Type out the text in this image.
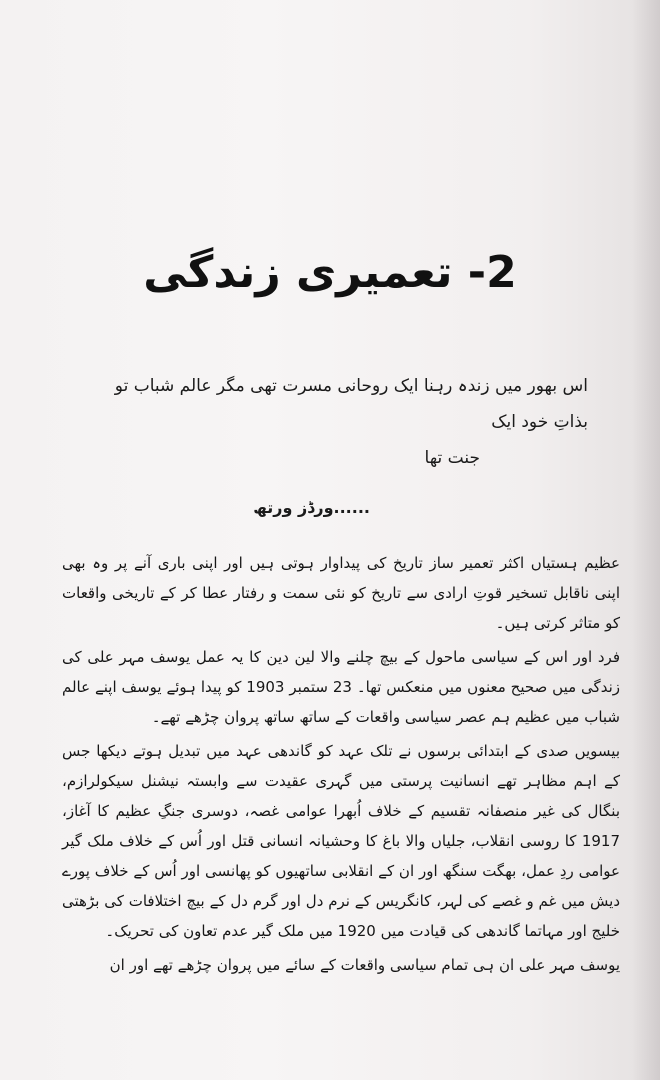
2- تعمیری زندگی
اس بھور میں زندہ رہنا ایک روحانی مسرت تھی مگر عالم شباب تو بذاتِ خود ایک
جنت تھا
......ورڈز ورتھ

عظیم ہستیاں اکثر تعمیر ساز تاریخ کی پیداوار ہوتی ہیں اور اپنی باری آنے پر وہ بھی اپنی ناقابل تسخیر قوتِ ارادی سے تاریخ کو نئی سمت و رفتار عطا کر کے تاریخی واقعات کو متاثر کرتی ہیں۔

فرد اور اس کے سیاسی ماحول کے بیچ چلنے والا لین دین کا یہ عمل یوسف مہر علی کی زندگی میں صحیح معنوں میں منعکس تھا۔ 23 ستمبر 1903 کو پیدا ہوئے یوسف اپنے عالم شباب میں عظیم ہم عصر سیاسی واقعات کے ساتھ ساتھ پروان چڑھے تھے۔

بیسویں صدی کے ابتدائی برسوں نے تلک عہد کو گاندھی عہد میں تبدیل ہوتے دیکھا جس کے اہم مظاہر تھے انسانیت پرستی میں گہری عقیدت سے وابستہ نیشنل سیکولرازم، بنگال کی غیر منصفانہ تقسیم کے خلاف اُبھرا عوامی غصہ، دوسری جنگِ عظیم کا آغاز، 1917 کا روسی انقلاب، جلیاں والا باغ کا وحشیانہ انسانی قتل اور اُس کے خلاف ملک گیر عوامی ردِ عمل، بھگت سنگھ اور ان کے انقلابی ساتھیوں کو پھانسی اور اُس کے خلاف پورے دیش میں غم و غصے کی لہر، کانگریس کے نرم دل اور گرم دل کے بیچ اختلافات کی بڑھتی خلیج اور مہاتما گاندھی کی قیادت میں 1920 میں ملک گیر عدم تعاون کی تحریک۔

یوسف مہر علی ان ہی تمام سیاسی واقعات کے سائے میں پروان چڑھے تھے اور ان
